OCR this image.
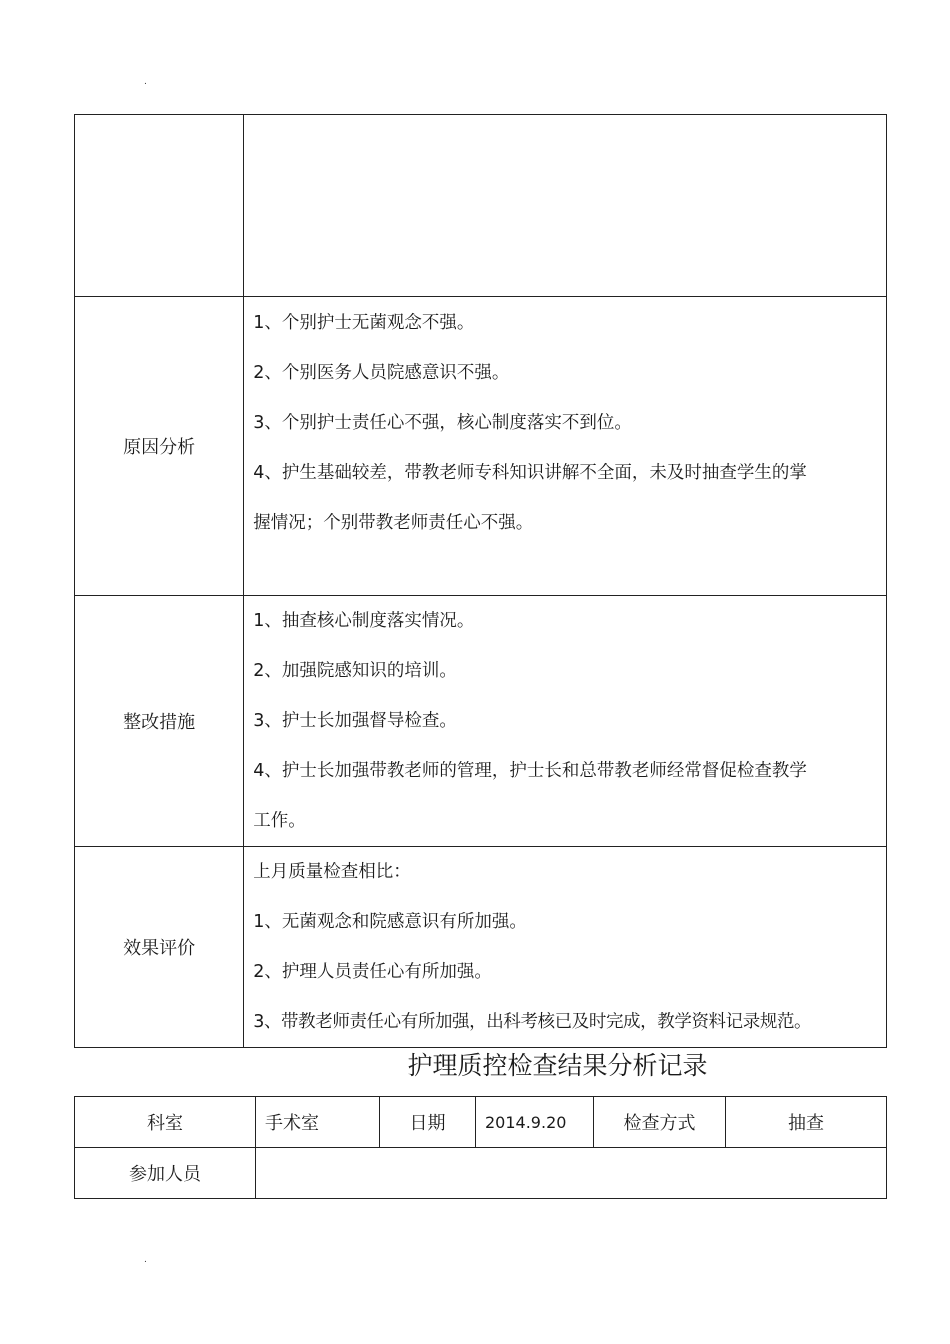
.

原因分析	1、个别护士无菌观念不强。
2、个别医务人员院感意识不强。
3、个别护士责任心不强，核心制度落实不到位。
4、护生基础较差，带教老师专科知识讲解不全面，未及时抽查学生的掌
握情况；个别带教老师责任心不强。

整改措施	1、抽查核心制度落实情况。
2、加强院感知识的培训。
3、护士长加强督导检查。
4、护士长加强带教老师的管理，护士长和总带教老师经常督促检查教学
工作。

效果评价	上月质量检查相比：
1、无菌观念和院感意识有所加强。
2、护理人员责任心有所加强。
3、带教老师责任心有所加强，出科考核已及时完成，教学资料记录规范。
护理质控检查结果分析记录
科室	手术室	日期	2014.9.20	检查方式	抽查
参加人员					
.
